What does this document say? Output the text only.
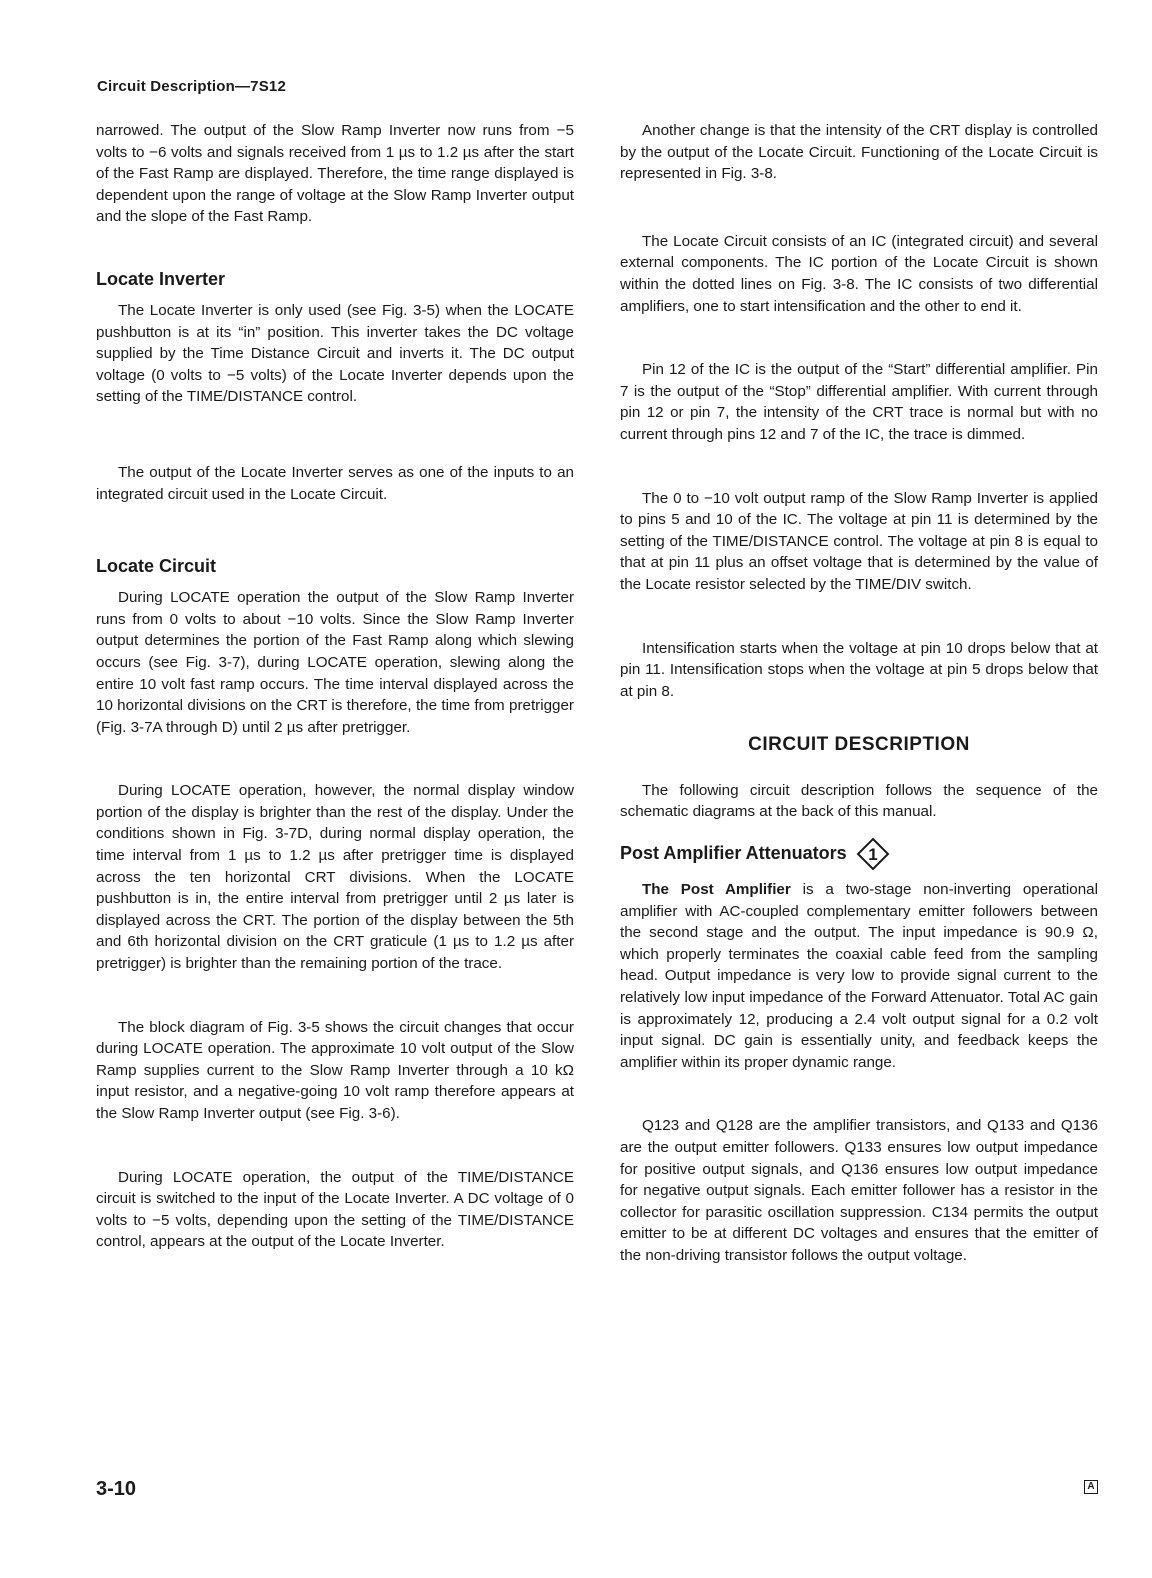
Circuit Description—7S12

narrowed. The output of the Slow Ramp Inverter now runs from −5 volts to −6 volts and signals received from 1 µs to 1.2 µs after the start of the Fast Ramp are displayed. Therefore, the time range displayed is dependent upon the range of voltage at the Slow Ramp Inverter output and the slope of the Fast Ramp.

Locate Inverter

The Locate Inverter is only used (see Fig. 3-5) when the LOCATE pushbutton is at its “in” position. This inverter takes the DC voltage supplied by the Time Distance Circuit and inverts it. The DC output voltage (0 volts to −5 volts) of the Locate Inverter depends upon the setting of the TIME/DISTANCE control.

The output of the Locate Inverter serves as one of the inputs to an integrated circuit used in the Locate Circuit.

Locate Circuit

During LOCATE operation the output of the Slow Ramp Inverter runs from 0 volts to about −10 volts. Since the Slow Ramp Inverter output determines the portion of the Fast Ramp along which slewing occurs (see Fig. 3-7), during LOCATE operation, slewing along the entire 10 volt fast ramp occurs. The time interval displayed across the 10 horizontal divisions on the CRT is therefore, the time from pretrigger (Fig. 3-7A through D) until 2 µs after pretrigger.

During LOCATE operation, however, the normal display window portion of the display is brighter than the rest of the display. Under the conditions shown in Fig. 3-7D, during normal display operation, the time interval from 1 µs to 1.2 µs after pretrigger time is displayed across the ten horizontal CRT divisions. When the LOCATE pushbutton is in, the entire interval from pretrigger until 2 µs later is displayed across the CRT. The portion of the display between the 5th and 6th horizontal division on the CRT graticule (1 µs to 1.2 µs after pretrigger) is brighter than the remaining portion of the trace.

The block diagram of Fig. 3-5 shows the circuit changes that occur during LOCATE operation. The approximate 10 volt output of the Slow Ramp supplies current to the Slow Ramp Inverter through a 10 kΩ input resistor, and a negative-going 10 volt ramp therefore appears at the Slow Ramp Inverter output (see Fig. 3-6).

During LOCATE operation, the output of the TIME/DISTANCE circuit is switched to the input of the Locate Inverter. A DC voltage of 0 volts to −5 volts, depending upon the setting of the TIME/DISTANCE control, appears at the output of the Locate Inverter.

Another change is that the intensity of the CRT display is controlled by the output of the Locate Circuit. Functioning of the Locate Circuit is represented in Fig. 3-8.

The Locate Circuit consists of an IC (integrated circuit) and several external components. The IC portion of the Locate Circuit is shown within the dotted lines on Fig. 3-8. The IC consists of two differential amplifiers, one to start intensification and the other to end it.

Pin 12 of the IC is the output of the “Start” differential amplifier. Pin 7 is the output of the “Stop” differential amplifier. With current through pin 12 or pin 7, the intensity of the CRT trace is normal but with no current through pins 12 and 7 of the IC, the trace is dimmed.

The 0 to −10 volt output ramp of the Slow Ramp Inverter is applied to pins 5 and 10 of the IC. The voltage at pin 11 is determined by the setting of the TIME/DISTANCE control. The voltage at pin 8 is equal to that at pin 11 plus an offset voltage that is determined by the value of the Locate resistor selected by the TIME/DIV switch.

Intensification starts when the voltage at pin 10 drops below that at pin 11. Intensification stops when the voltage at pin 5 drops below that at pin 8.

CIRCUIT DESCRIPTION

The following circuit description follows the sequence of the schematic diagrams at the back of this manual.

Post Amplifier Attenuators 1

The Post Amplifier is a two-stage non-inverting operational amplifier with AC-coupled complementary emitter followers between the second stage and the output. The input impedance is 90.9 Ω, which properly terminates the coaxial cable feed from the sampling head. Output impedance is very low to provide signal current to the relatively low input impedance of the Forward Attenuator. Total AC gain is approximately 12, producing a 2.4 volt output signal for a 0.2 volt input signal. DC gain is essentially unity, and feedback keeps the amplifier within its proper dynamic range.

Q123 and Q128 are the amplifier transistors, and Q133 and Q136 are the output emitter followers. Q133 ensures low output impedance for positive output signals, and Q136 ensures low output impedance for negative output signals. Each emitter follower has a resistor in the collector for parasitic oscillation suppression. C134 permits the output emitter to be at different DC voltages and ensures that the emitter of the non-driving transistor follows the output voltage.

3-10	A
